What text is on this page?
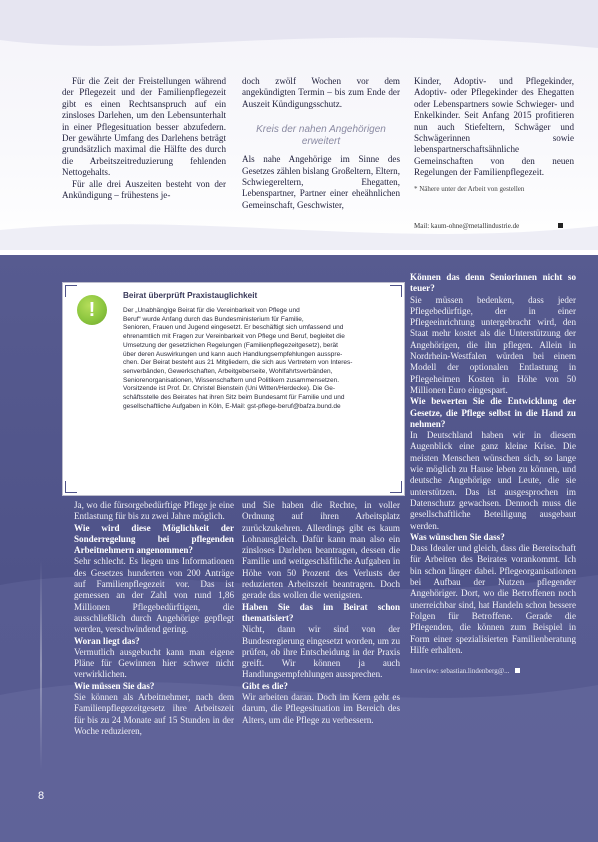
Für die Zeit der Freistellungen während der Pflegezeit und der Familienpflegezeit gibt es einen Rechtsanspruch auf ein zinsloses Darlehen, um den Lebensunterhalt in einer Pflegesituation besser abzufedern. Der gewährte Umfang des Darlehens beträgt grundsätzlich maximal die Hälfte des durch die Arbeitszeitreduzierung fehlenden Nettogehalts.

Für alle drei Auszeiten besteht von der Ankündigung – frühestens je-

doch zwölf Wochen vor dem angekündigten Termin – bis zum Ende der Auszeit Kündigungsschutz.
Kreis der nahen Angehörigen erweitert
Als nahe Angehörige im Sinne des Gesetzes zählen bislang Großeltern, Eltern, Schwiegereltern, Ehegatten, Lebenspartner, Partner einer eheähnlichen Gemeinschaft, Geschwister,
Kinder, Adoptiv- und Pflegekinder, Adoptiv- oder Pflegekinder des Ehegatten oder Lebenspartners sowie Schwieger- und Enkelkinder. Seit Anfang 2015 profitieren nun auch Stiefeltern, Schwäger und Schwägerinnen sowie lebenspartnerschaftsähnliche Gemeinschaften von den neuen Regelungen der Familienpflegezeit.
* Nähere unter der Arbeit von gestellen
Mail: kaum-ohne@metallindustrie.de
!
Beirat überprüft Praxistauglichkeit
Der „Unabhängige Beirat für die Vereinbarkeit von Pflege und
Beruf“ wurde Anfang durch das Bundesministerium für Familie,
Senioren, Frauen und Jugend eingesetzt. Er beschäftigt sich umfassend und
ehrenamtlich mit Fragen zur Vereinbarkeit von Pflege und Beruf, begleitet die
Umsetzung der gesetzlichen Regelungen (Familienpflegezeitgesetz), berät
über deren Auswirkungen und kann auch Handlungsempfehlungen ausspre-
chen. Der Beirat besteht aus 21 Mitgliedern, die sich aus Vertretern von Interes-
senverbänden, Gewerkschaften, Arbeitgeberseite, Wohlfahrtsverbänden,
Seniorenorganisationen, Wissenschaftern und Politikern zusammensetzen.
Vorsitzende ist Prof. Dr. Christel Bienstein (Uni Witten/Herdecke). Die Ge-
schäftsstelle des Beirates hat ihren Sitz beim Bundesamt für Familie und und
gesellschaftliche Aufgaben in Köln, E-Mail: gst-pflege-beruf@bafza.bund.de
Können das denn Seniorinnen nicht so teuer?
Sie müssen bedenken, dass jeder Pflegebedürftige, der in einer Pflegeeinrichtung untergebracht wird, den Staat mehr kostet als die Unterstützung der Angehörigen, die ihn pflegen. Allein in Nordrhein-Westfalen würden bei einem Modell der optionalen Entlastung in Pflegeheimen Kosten in Höhe von 50 Millionen Euro eingespart.
Wie bewerten Sie die Entwicklung der Gesetze, die Pflege selbst in die Hand zu nehmen?
In Deutschland haben wir in diesem Augenblick eine ganz kleine Krise. Die meisten Menschen wünschen sich, so lange wie möglich zu Hause leben zu können, und deutsche Angehörige und Leute, die sie unterstützen. Das ist ausgesprochen im Datenschutz gewachsen. Dennoch muss die gesellschaftliche Beteiligung ausgebaut werden.
Was wünschen Sie dass?
Dass Idealer und gleich, dass die Bereitschaft für Arbeiten des Beirates vorankommt. Ich bin schon länger dabei. Pflegeorganisationen bei Aufbau der Nutzen pflegender Angehöriger. Dort, wo die Betroffenen noch unerreichbar sind, hat Handeln schon bessere Folgen für Betroffene. Gerade die Pflegenden, die können zum Beispiel in Form einer spezialisierten Familienberatung Hilfe erhalten.
Interview: sebastian.lindenberg@...
Ja, wo die fürsorgebedürftige Pflege je eine Entlastung für bis zu zwei Jahre möglich.
Wie wird diese Möglichkeit der Sonderregelung bei pflegenden Arbeitnehmern angenommen?
Sehr schlecht. Es liegen uns Informationen des Gesetzes hunderten von 200 Anträge auf Familienpflegezeit vor. Das ist gemessen an der Zahl von rund 1,86 Millionen Pflegebedürftigen, die ausschließlich durch Angehörige gepflegt werden, verschwindend gering.
Woran liegt das?
Vermutlich ausgebucht kann man eigene Pläne für Gewinnen hier schwer nicht verwirklichen.
Wie müssen Sie das?
Sie können als Arbeitnehmer, nach dem Familienpflegezeitgesetz ihre Arbeitszeit für bis zu 24 Monate auf 15 Stunden in der Woche reduzieren,
und Sie haben die Rechte, in voller Ordnung auf ihren Arbeitsplatz zurückzukehren. Allerdings gibt es kaum Lohnausgleich. Dafür kann man also ein zinsloses Darlehen beantragen, dessen die Familie und weitgeschäftliche Aufgaben in Höhe von 50 Prozent des Verlusts der reduzierten Arbeitszeit beantragen. Doch gerade das wollen die wenigsten.
Haben Sie das im Beirat schon thematisiert?
Nicht, dann wir sind von der Bundesregierung eingesetzt worden, um zu prüfen, ob ihre Entscheidung in der Praxis greift. Wir können ja auch Handlungsempfehlungen aussprechen.
Gibt es die?
Wir arbeiten daran. Doch im Kern geht es darum, die Pflegesituation im Bereich des Alters, um die Pflege zu verbessern.
8
